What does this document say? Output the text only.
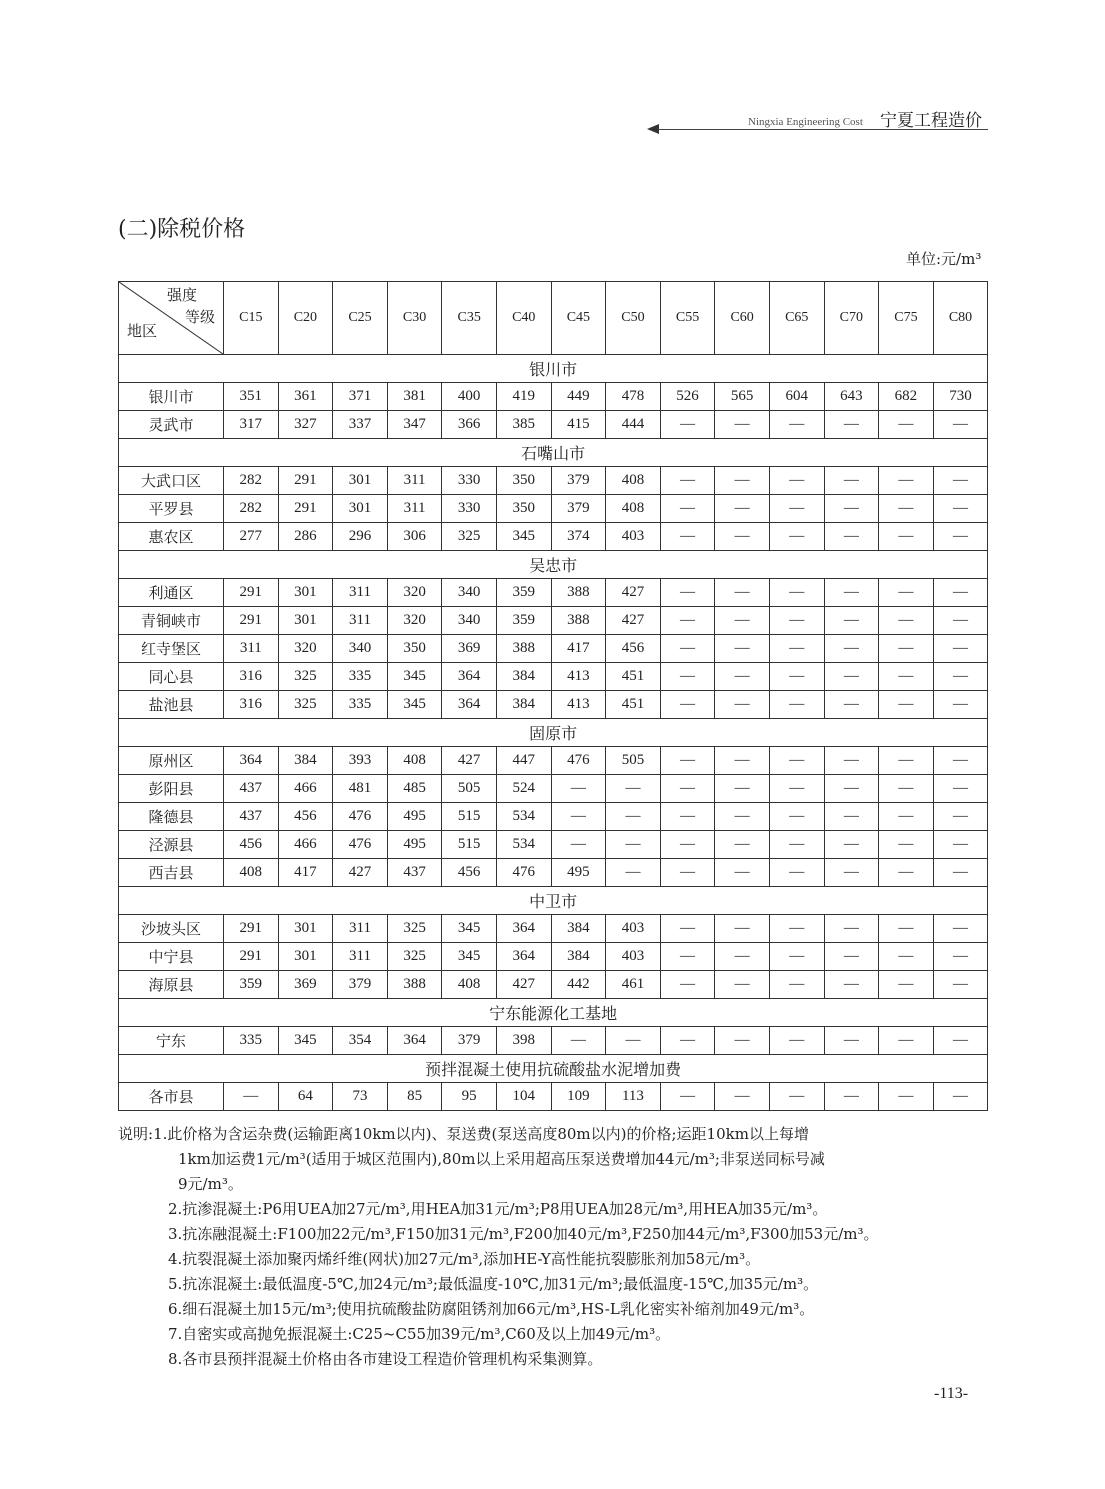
Ningxia Engineering Cost 宁夏工程造价
(二)除税价格
单位:元/m³
强度
等级
地区	C15	C20	C25	C30	C35	C40	C45	C50	C55	C60	C65	C70	C75	C80
银川市														
银川市	351	361	371	381	400	419	449	478	526	565	604	643	682	730
灵武市	317	327	337	347	366	385	415	444	—	—	—	—	—	—
石嘴山市														
大武口区	282	291	301	311	330	350	379	408	—	—	—	—	—	—
平罗县	282	291	301	311	330	350	379	408	—	—	—	—	—	—
惠农区	277	286	296	306	325	345	374	403	—	—	—	—	—	—
吴忠市														
利通区	291	301	311	320	340	359	388	427	—	—	—	—	—	—
青铜峡市	291	301	311	320	340	359	388	427	—	—	—	—	—	—
红寺堡区	311	320	340	350	369	388	417	456	—	—	—	—	—	—
同心县	316	325	335	345	364	384	413	451	—	—	—	—	—	—
盐池县	316	325	335	345	364	384	413	451	—	—	—	—	—	—
固原市														
原州区	364	384	393	408	427	447	476	505	—	—	—	—	—	—
彭阳县	437	466	481	485	505	524	—	—	—	—	—	—	—	—
隆德县	437	456	476	495	515	534	—	—	—	—	—	—	—	—
泾源县	456	466	476	495	515	534	—	—	—	—	—	—	—	—
西吉县	408	417	427	437	456	476	495	—	—	—	—	—	—	—
中卫市														
沙坡头区	291	301	311	325	345	364	384	403	—	—	—	—	—	—
中宁县	291	301	311	325	345	364	384	403	—	—	—	—	—	—
海原县	359	369	379	388	408	427	442	461	—	—	—	—	—	—
宁东能源化工基地														
宁东	335	345	354	364	379	398	—	—	—	—	—	—	—	—
预拌混凝土使用抗硫酸盐水泥增加费														
各市县	—	64	73	85	95	104	109	113	—	—	—	—	—	—
说明:1.此价格为含运杂费(运输距离10km以内)、泵送费(泵送高度80m以内)的价格;运距10km以上每增
1km加运费1元/m³(适用于城区范围内),80m以上采用超高压泵送费增加44元/m³;非泵送同标号减
9元/m³。
2.抗渗混凝土:P6用UEA加27元/m³,用HEA加31元/m³;P8用UEA加28元/m³,用HEA加35元/m³。
3.抗冻融混凝土:F100加22元/m³,F150加31元/m³,F200加40元/m³,F250加44元/m³,F300加53元/m³。
4.抗裂混凝土添加聚丙烯纤维(网状)加27元/m³,添加HE-Y高性能抗裂膨胀剂加58元/m³。
5.抗冻混凝土:最低温度-5℃,加24元/m³;最低温度-10℃,加31元/m³;最低温度-15℃,加35元/m³。
6.细石混凝土加15元/m³;使用抗硫酸盐防腐阻锈剂加66元/m³,HS-L乳化密实补缩剂加49元/m³。
7.自密实或高抛免振混凝土:C25~C55加39元/m³,C60及以上加49元/m³。
8.各市县预拌混凝土价格由各市建设工程造价管理机构采集测算。
-113-
